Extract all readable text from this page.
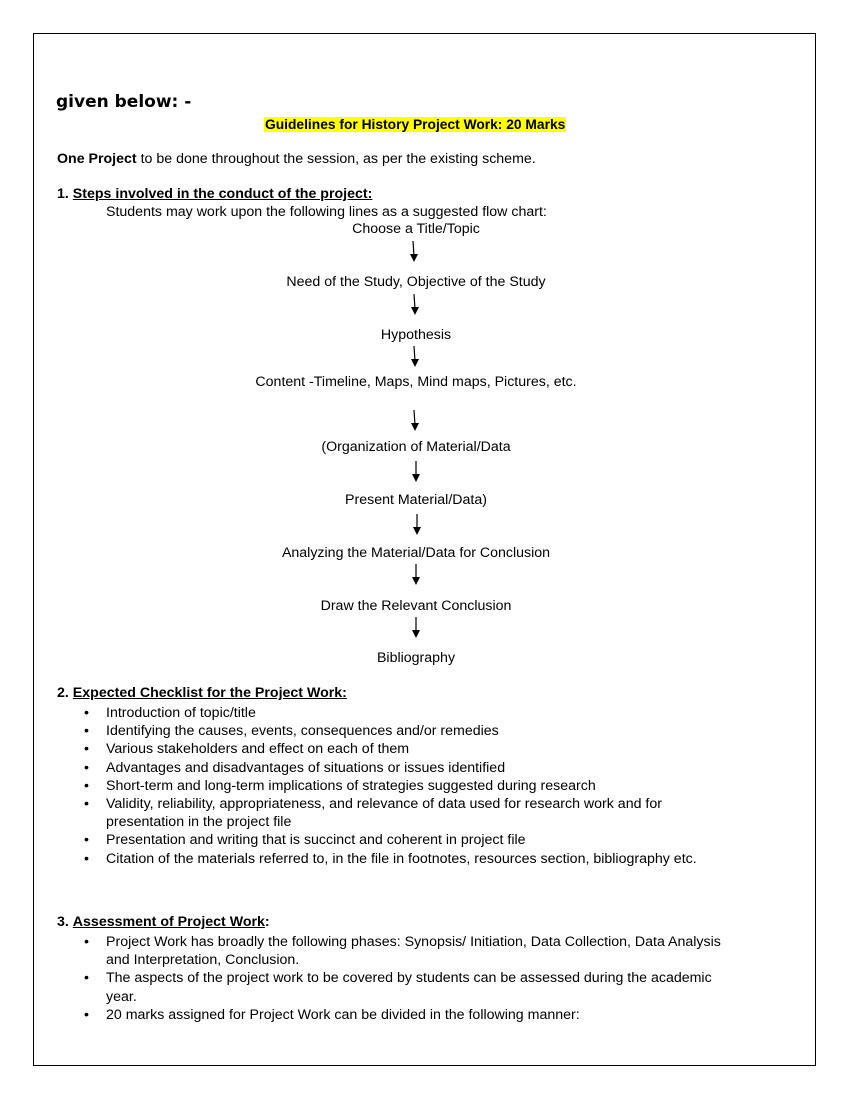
given below: -
Guidelines for History Project Work: 20 Marks
One Project to be done throughout the session, as per the existing scheme.
1. Steps involved in the conduct of the project:
Students may work upon the following lines as a suggested flow chart:
Choose a Title/Topic
Need of the Study, Objective of the Study
Hypothesis
Content -Timeline, Maps, Mind maps, Pictures, etc.
(Organization of Material/Data
Present Material/Data)
Analyzing the Material/Data for Conclusion
Draw the Relevant Conclusion
Bibliography
2. Expected Checklist for the Project Work:
• Introduction of topic/title
• Identifying the causes, events, consequences and/or remedies
• Various stakeholders and effect on each of them
• Advantages and disadvantages of situations or issues identified
• Short-term and long-term implications of strategies suggested during research
• Validity, reliability, appropriateness, and relevance of data used for research work and for
presentation in the project file
• Presentation and writing that is succinct and coherent in project file
• Citation of the materials referred to, in the file in footnotes, resources section, bibliography etc.
3. Assessment of Project Work:
• Project Work has broadly the following phases: Synopsis/ Initiation, Data Collection, Data Analysis
and Interpretation, Conclusion.
• The aspects of the project work to be covered by students can be assessed during the academic
year.
• 20 marks assigned for Project Work can be divided in the following manner:
